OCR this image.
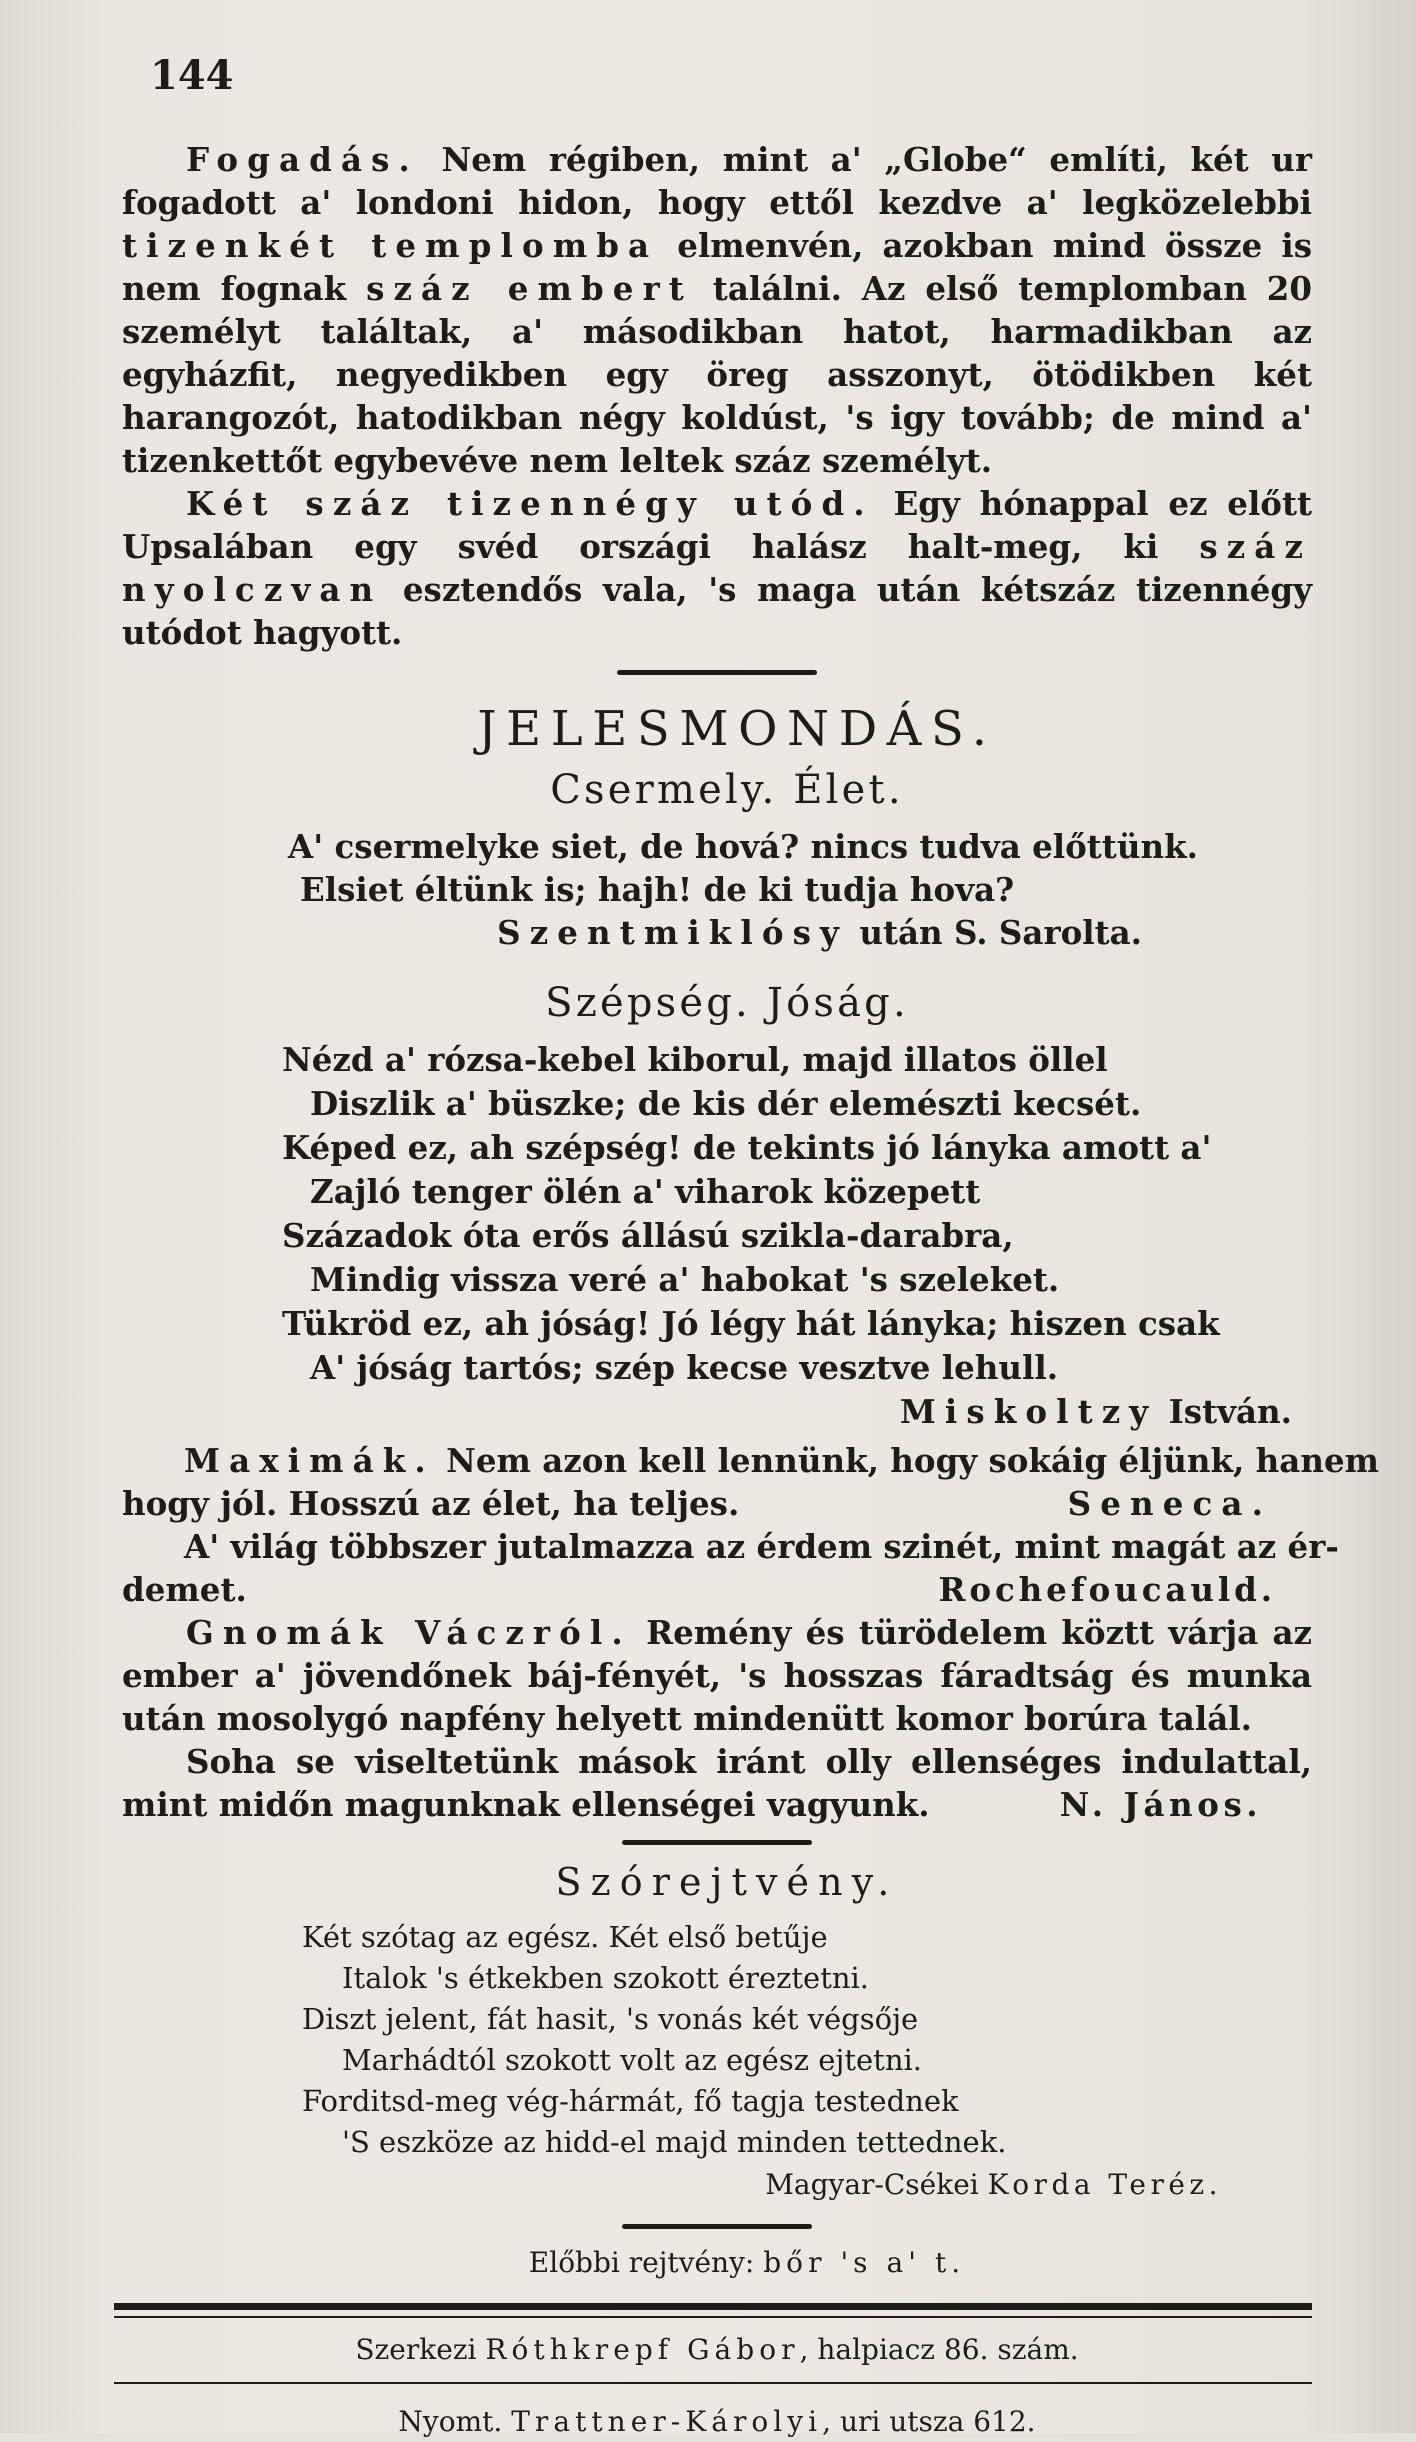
144

Fogadás. Nem régiben, mint a' „Globe“ említi, két ur fogadott a' londoni hidon, hogy ettől kezdve a' legközelebbi tizenkét templomba elmenvén, azokban mind össze is nem fognak száz embert találni. Az első templomban 20 személyt találtak, a' másodikban hatot, harmadikban az egyházfit, negyedikben egy öreg asszonyt, ötödikben két harangozót, hatodikban négy koldúst, 's igy tovább; de mind a' tizenkettőt egybevéve nem leltek száz személyt.

Két száz tizennégy utód. Egy hónappal ez előtt Upsalában egy svéd országi halász halt-meg, ki száz nyolczvan esztendős vala, 's maga után kétszáz tizennégy utódot hagyott.

JELESMONDÁS.
Csermely. Élet.

A' csermelyke siet, de hová? nincs tudva előttünk.

Elsiet éltünk is; hajh! de ki tudja hova?

Szentmiklósy után S. Sarolta.

Szépség. Jóság.

Nézd a' rózsa-kebel kiborul, majd illatos öllel

Diszlik a' büszke; de kis dér elemészti kecsét.

Képed ez, ah szépség! de tekints jó lányka amott a'

Zajló tenger ölén a' viharok közepett

Századok óta erős állású szikla-darabra,

Mindig vissza veré a' habokat 's szeleket.

Tükröd ez, ah jóság! Jó légy hát lányka; hiszen csak

A' jóság tartós; szép kecse vesztve lehull.

Miskoltzy István.

Maximák. Nem azon kell lennünk, hogy sokáig éljünk, hanem

hogy jól. Hosszú az élet, ha teljes.	Seneca.

A' világ többszer jutalmazza az érdem szinét, mint magát az ér-

demet.	Rochefoucauld.

Gnomák Váczról. Remény és türödelem köztt várja az ember a' jövendőnek báj-fényét, 's hosszas fáradtság és munka után mosolygó napfény helyett mindenütt komor borúra talál.

Soha se viseltetünk mások iránt olly ellenséges indulattal, mint midőn magunknak ellenségei vagyunk.	N. János.

Szórejtvény.

Két szótag az egész. Két első betűje

Italok 's étkekben szokott éreztetni.

Diszt jelent, fát hasit, 's vonás két végsője

Marhádtól szokott volt az egész ejtetni.

Forditsd-meg vég-hármát, fő tagja testednek

'S eszköze az hidd-el majd minden tettednek.

Magyar-Csékei Korda Teréz.

Előbbi rejtvény: bőr 's a' t.

Szerkezi Róthkrepf Gábor, halpiacz 86. szám.

Nyomt. Trattner-Károlyi, uri utsza 612.
